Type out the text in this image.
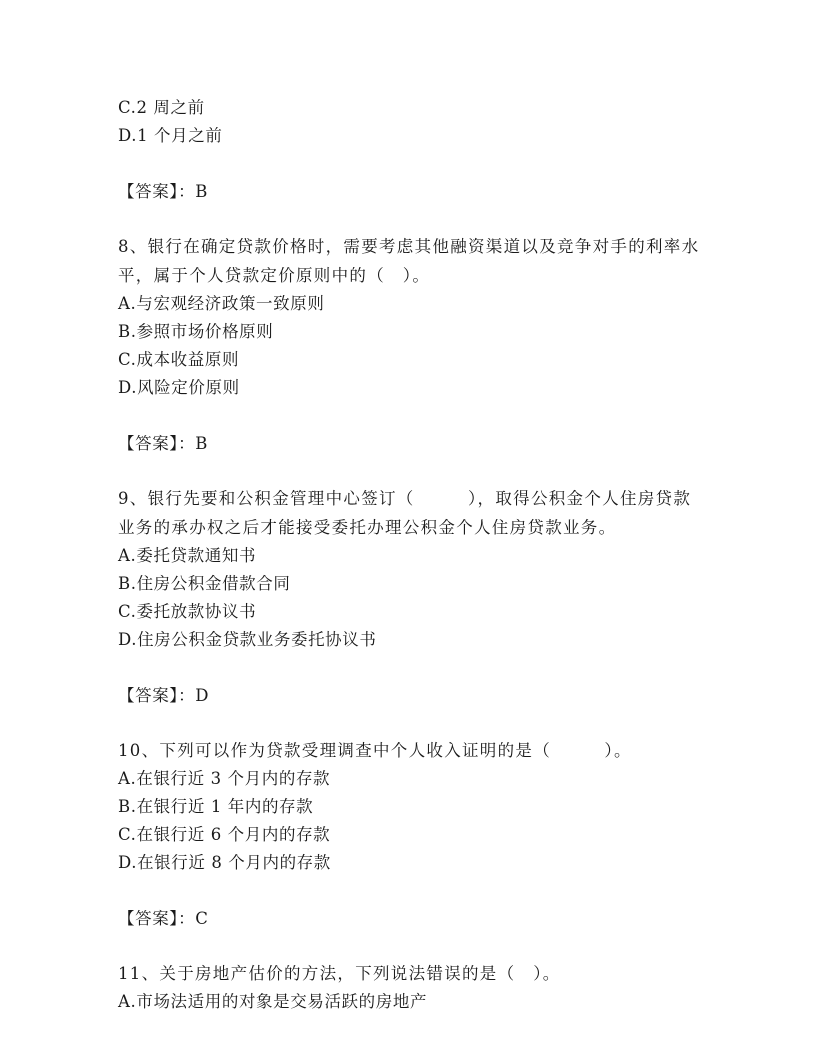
C.2 周之前
D.1 个月之前
【答案】：B
8、银行在确定贷款价格时，需要考虑其他融资渠道以及竞争对手的利率水平，属于个人贷款定价原则中的（　）。
A.与宏观经济政策一致原则
B.参照市场价格原则
C.成本收益原则
D.风险定价原则
【答案】：B
9、银行先要和公积金管理中心签订（　　　），取得公积金个人住房贷款业务的承办权之后才能接受委托办理公积金个人住房贷款业务。
A.委托贷款通知书
B.住房公积金借款合同
C.委托放款协议书
D.住房公积金贷款业务委托协议书
【答案】：D
10、下列可以作为贷款受理调查中个人收入证明的是（　　　）。
A.在银行近 3 个月内的存款
B.在银行近 1 年内的存款
C.在银行近 6 个月内的存款
D.在银行近 8 个月内的存款
【答案】：C
11、关于房地产估价的方法，下列说法错误的是（　）。
A.市场法适用的对象是交易活跃的房地产
